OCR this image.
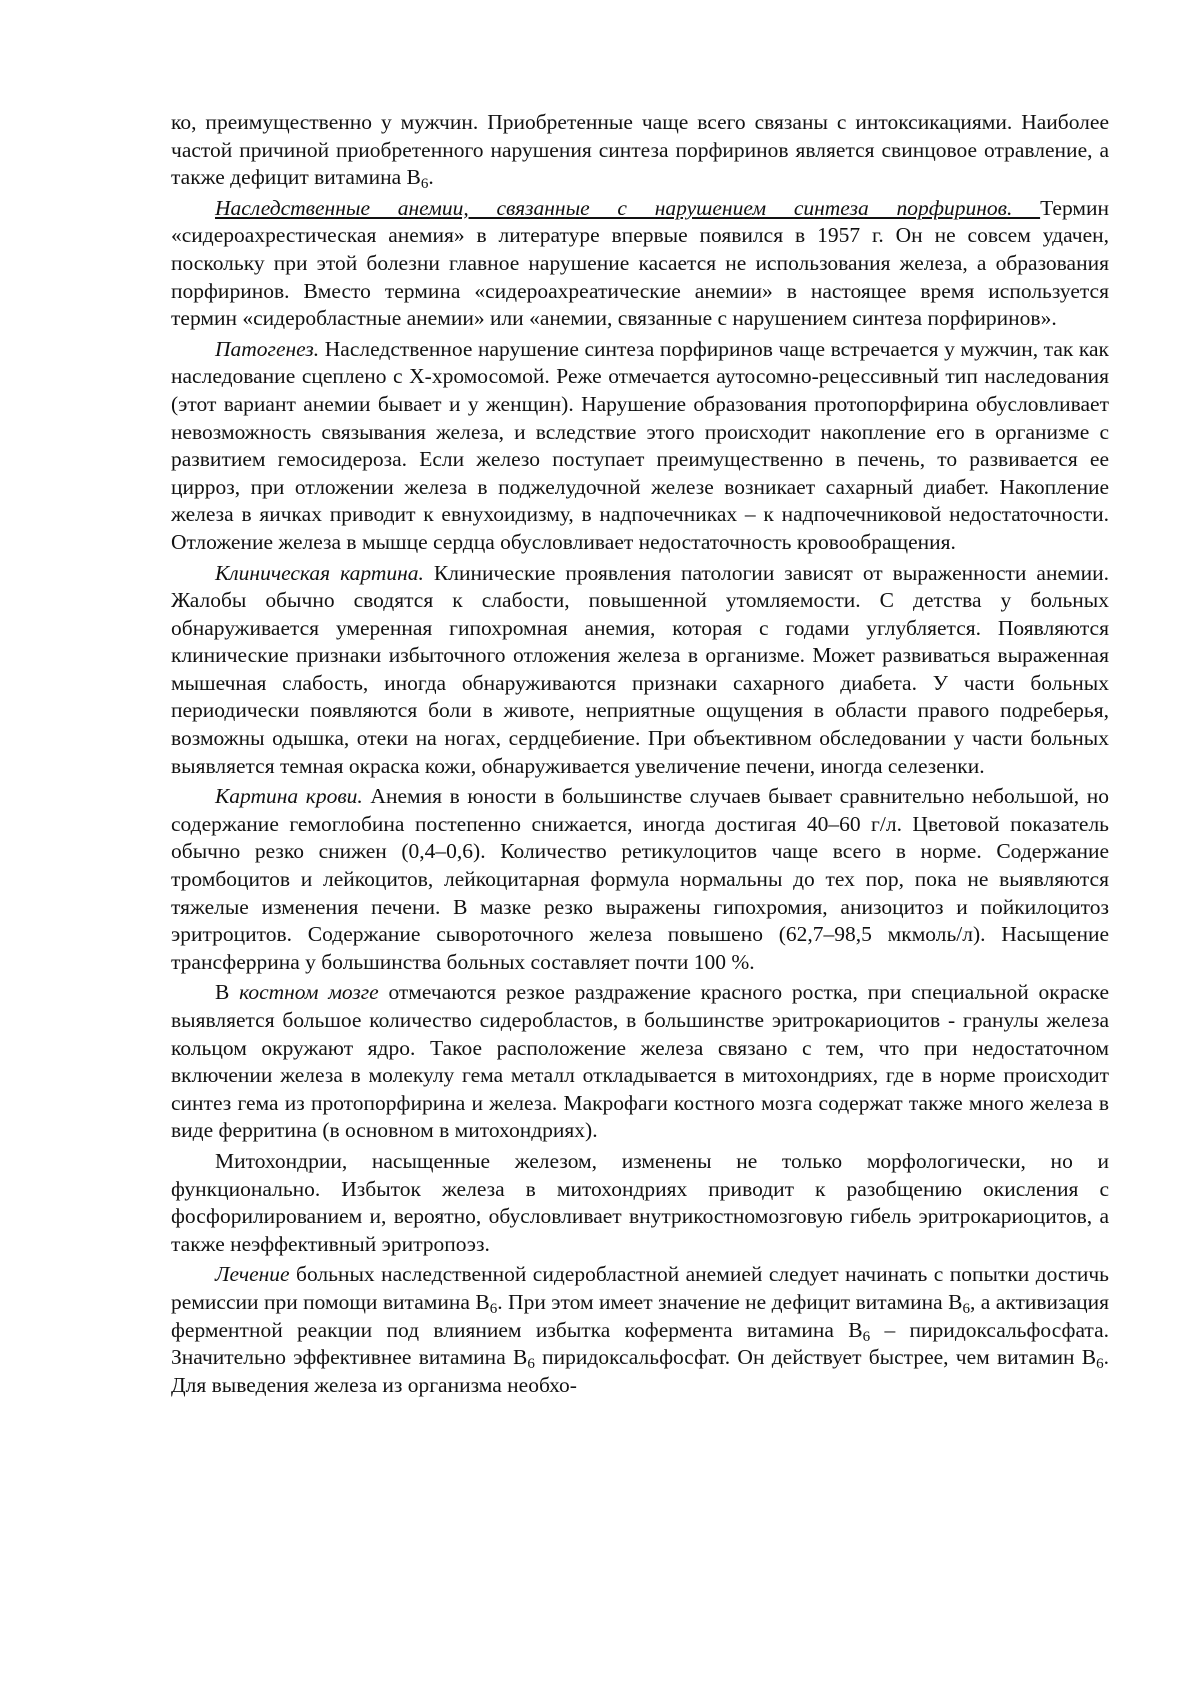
ко, преимущественно у мужчин. Приобретенные чаще всего связаны с интоксикациями. Наиболее частой причиной приобретенного нарушения синтеза порфиринов является свинцовое отравление, а также дефицит витамина $В_6$.

Наследственные анемии, связанные с нарушением синтеза порфиринов. Термин «сидероахрестическая анемия» в литературе впервые появился в 1957 г. Он не совсем удачен, поскольку при этой болезни главное нарушение касается не использования железа, а образования порфиринов. Вместо термина «сидероахреатические анемии» в настоящее время используется термин «сидеробластные анемии» или «анемии, связанные с нарушением синтеза порфиринов».

Патогенез. Наследственное нарушение синтеза порфиринов чаще встречается у мужчин, так как наследование сцеплено с Х-хромосомой. Реже отмечается аутосомно-рецессивный тип наследования (этот вариант анемии бывает и у женщин). Нарушение образования протопорфирина обусловливает невозможность связывания железа, и вследствие этого происходит накопление его в организме с развитием гемосидероза. Если железо поступает преимущественно в печень, то развивается ее цирроз, при отложении железа в поджелудочной железе возникает сахарный диабет. Накопление железа в яичках приводит к евнухоидизму, в надпочечниках – к надпочечниковой недостаточности. Отложение железа в мышце сердца обусловливает недостаточность кровообращения.

Клиническая картина. Клинические проявления патологии зависят от выраженности анемии. Жалобы обычно сводятся к слабости, повышенной утомляемости. С детства у больных обнаруживается умеренная гипохромная анемия, которая с годами углубляется. Появляются клинические признаки избыточного отложения железа в организме. Может развиваться выраженная мышечная слабость, иногда обнаруживаются признаки сахарного диабета. У части больных периодически появляются боли в животе, неприятные ощущения в области правого подреберья, возможны одышка, отеки на ногах, сердцебиение. При объективном обследовании у части больных выявляется темная окраска кожи, обнаруживается увеличение печени, иногда селезенки.

Картина крови. Анемия в юности в большинстве случаев бывает сравнительно небольшой, но содержание гемоглобина постепенно снижается, иногда достигая 40–60 г/л. Цветовой показатель обычно резко снижен (0,4–0,6). Количество ретикулоцитов чаще всего в норме. Содержание тромбоцитов и лейкоцитов, лейкоцитарная формула нормальны до тех пор, пока не выявляются тяжелые изменения печени. В мазке резко выражены гипохромия, анизоцитоз и пойкилоцитоз эритроцитов. Содержание сывороточного железа повышено (62,7–98,5 мкмоль/л). Насыщение трансферрина у большинства больных составляет почти 100 %.

В костном мозге отмечаются резкое раздражение красного ростка, при специальной окраске выявляется большое количество сидеробластов, в большинстве эритрокариоцитов - гранулы железа кольцом окружают ядро. Такое расположение железа связано с тем, что при недостаточном включении железа в молекулу гема металл откладывается в митохондриях, где в норме происходит синтез гема из протопорфирина и железа. Макрофаги костного мозга содержат также много железа в виде ферритина (в основном в митохондриях).

Митохондрии, насыщенные железом, изменены не только морфологически, но и функционально. Избыток железа в митохондриях приводит к разобщению окисления с фосфорилированием и, вероятно, обусловливает внутрикостномозговую гибель эритрокариоцитов, а также неэффективный эритропоэз.

Лечение больных наследственной сидеробластной анемией следует начинать с попытки достичь ремиссии при помощи витамина $В_6$. При этом имеет значение не дефицит витамина $В_6$, а активизация ферментной реакции под влиянием избытка кофермента витамина $В_6$ – пиридоксальфосфата. Значительно эффективнее витамина $В_6$ пиридоксальфосфат. Он действует быстрее, чем витамин $В_6$. Для выведения железа из организма необхо-
